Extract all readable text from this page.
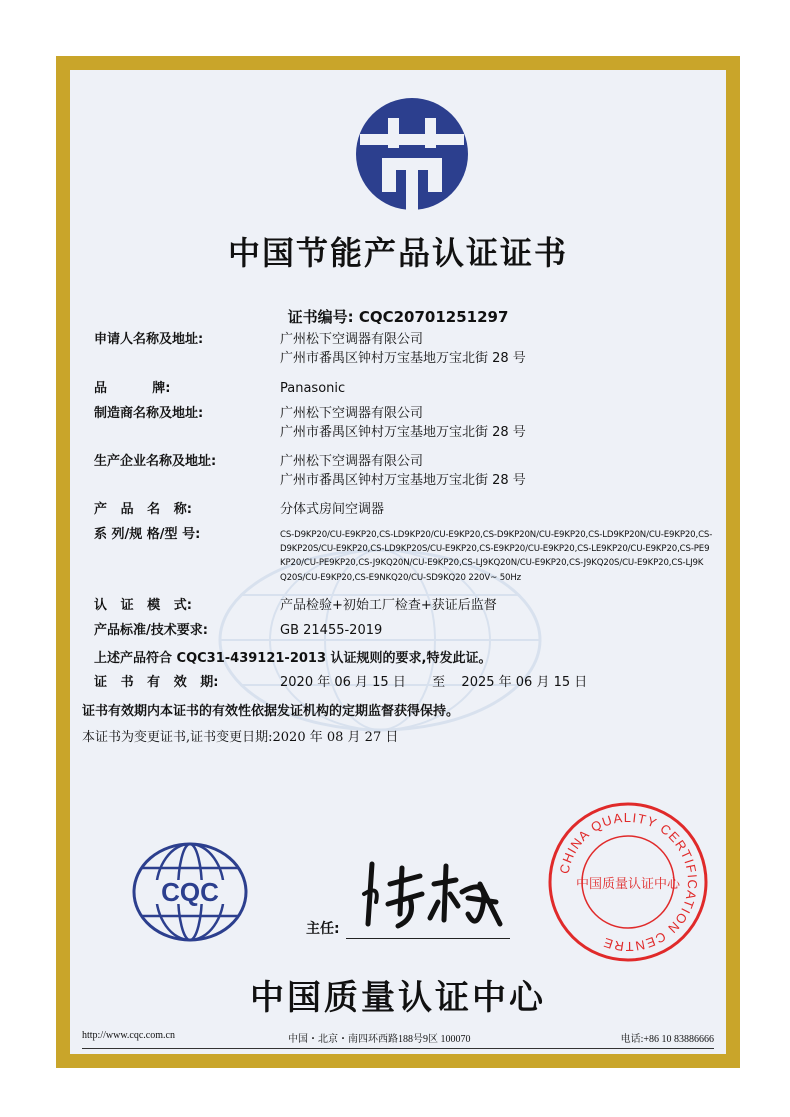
中国节能产品认证证书
证书编号: CQC20701251297
申请人名称及地址:	广州松下空调器有限公司
广州市番禺区钟村万宝基地万宝北街 28 号
品          牌:	Panasonic
制造商名称及地址:	广州松下空调器有限公司
广州市番禺区钟村万宝基地万宝北街 28 号
生产企业名称及地址:	广州松下空调器有限公司
广州市番禺区钟村万宝基地万宝北街 28 号
产   品   名   称:	分体式房间空调器
系 列/规 格/型 号:	CS-D9KP20/CU-E9KP20,CS-LD9KP20/CU-E9KP20,CS-D9KP20N/CU-E9KP20,CS-LD9KP20N/CU-E9KP20,CS-
D9KP20S/CU-E9KP20,CS-LD9KP20S/CU-E9KP20,CS-E9KP20/CU-E9KP20,CS-LE9KP20/CU-E9KP20,CS-PE9
KP20/CU-PE9KP20,CS-J9KQ20N/CU-E9KP20,CS-LJ9KQ20N/CU-E9KP20,CS-J9KQ20S/CU-E9KP20,CS-LJ9K
Q20S/CU-E9KP20,CS-E9NKQ20/CU-SD9KQ20 220V~ 50Hz
认   证   模   式:	产品检验+初始工厂检查+获证后监督
产品标准/技术要求:	GB 21455-2019
上述产品符合 CQC31-439121-2013 认证规则的要求,特发此证。
证   书   有   效   期:	2020 年 06 月 15 日 至 2025 年 06 月 15 日
证书有效期内本证书的有效性依据发证机构的定期监督获得保持。
本证书为变更证书,证书变更日期:2020 年 08 月 27 日
CQC
主任:
CHINA QUALITY CERTIFICATION CENTRE
中国质量认证中心
中国质量认证中心
http://www.cqc.com.cn	中国・北京・南四环西路188号9区 100070	电话:+86 10 83886666
